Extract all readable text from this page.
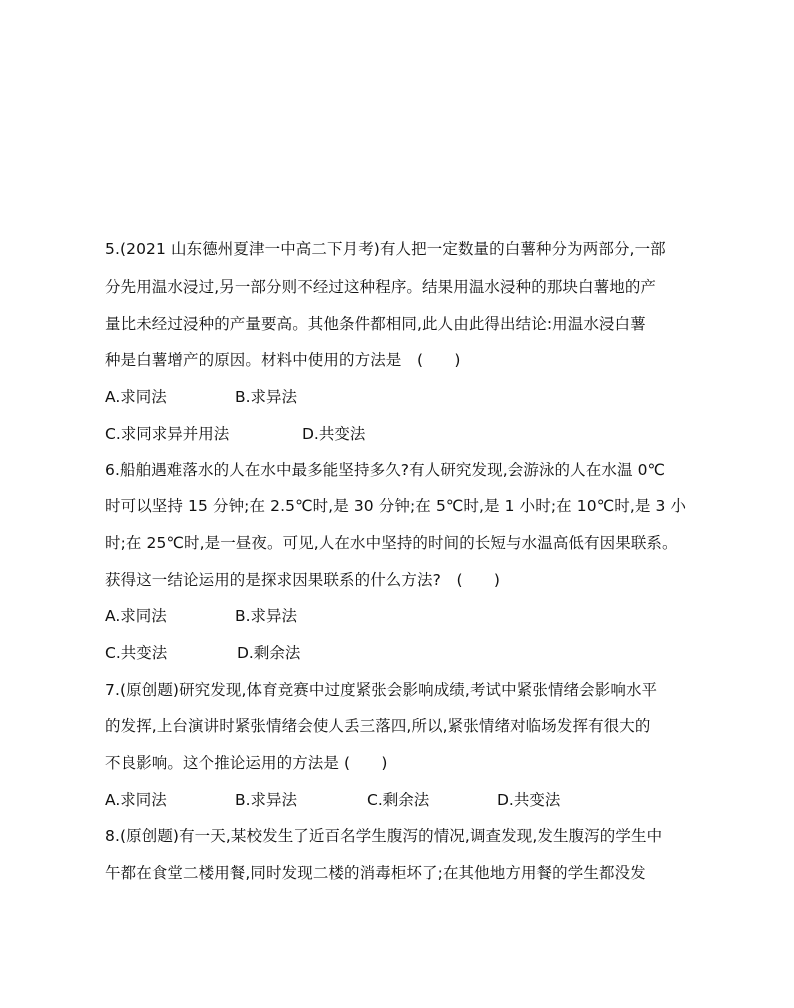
5.(2021 山东德州夏津一中高二下月考)有人把一定数量的白薯种分为两部分,一部
分先用温水浸过,另一部分则不经过这种程序。结果用温水浸种的那块白薯地的产
量比未经过浸种的产量要高。其他条件都相同,此人由此得出结论:用温水浸白薯
种是白薯增产的原因。材料中使用的方法是　(　　)
A.求同法	B.求异法
C.求同求异并用法	D.共变法
6.船舶遇难落水的人在水中最多能坚持多久?有人研究发现,会游泳的人在水温 0℃
时可以坚持 15 分钟;在 2.5℃时,是 30 分钟;在 5℃时,是 1 小时;在 10℃时,是 3 小
时;在 25℃时,是一昼夜。可见,人在水中坚持的时间的长短与水温高低有因果联系。
获得这一结论运用的是探求因果联系的什么方法?　(　　)
A.求同法	B.求异法
C.共变法	D.剩余法
7.(原创题)研究发现,体育竞赛中过度紧张会影响成绩,考试中紧张情绪会影响水平
的发挥,上台演讲时紧张情绪会使人丢三落四,所以,紧张情绪对临场发挥有很大的
不良影响。这个推论运用的方法是 (　　)
A.求同法	B.求异法	C.剩余法	D.共变法
8.(原创题)有一天,某校发生了近百名学生腹泻的情况,调查发现,发生腹泻的学生中
午都在食堂二楼用餐,同时发现二楼的消毒柜坏了;在其他地方用餐的学生都没发
